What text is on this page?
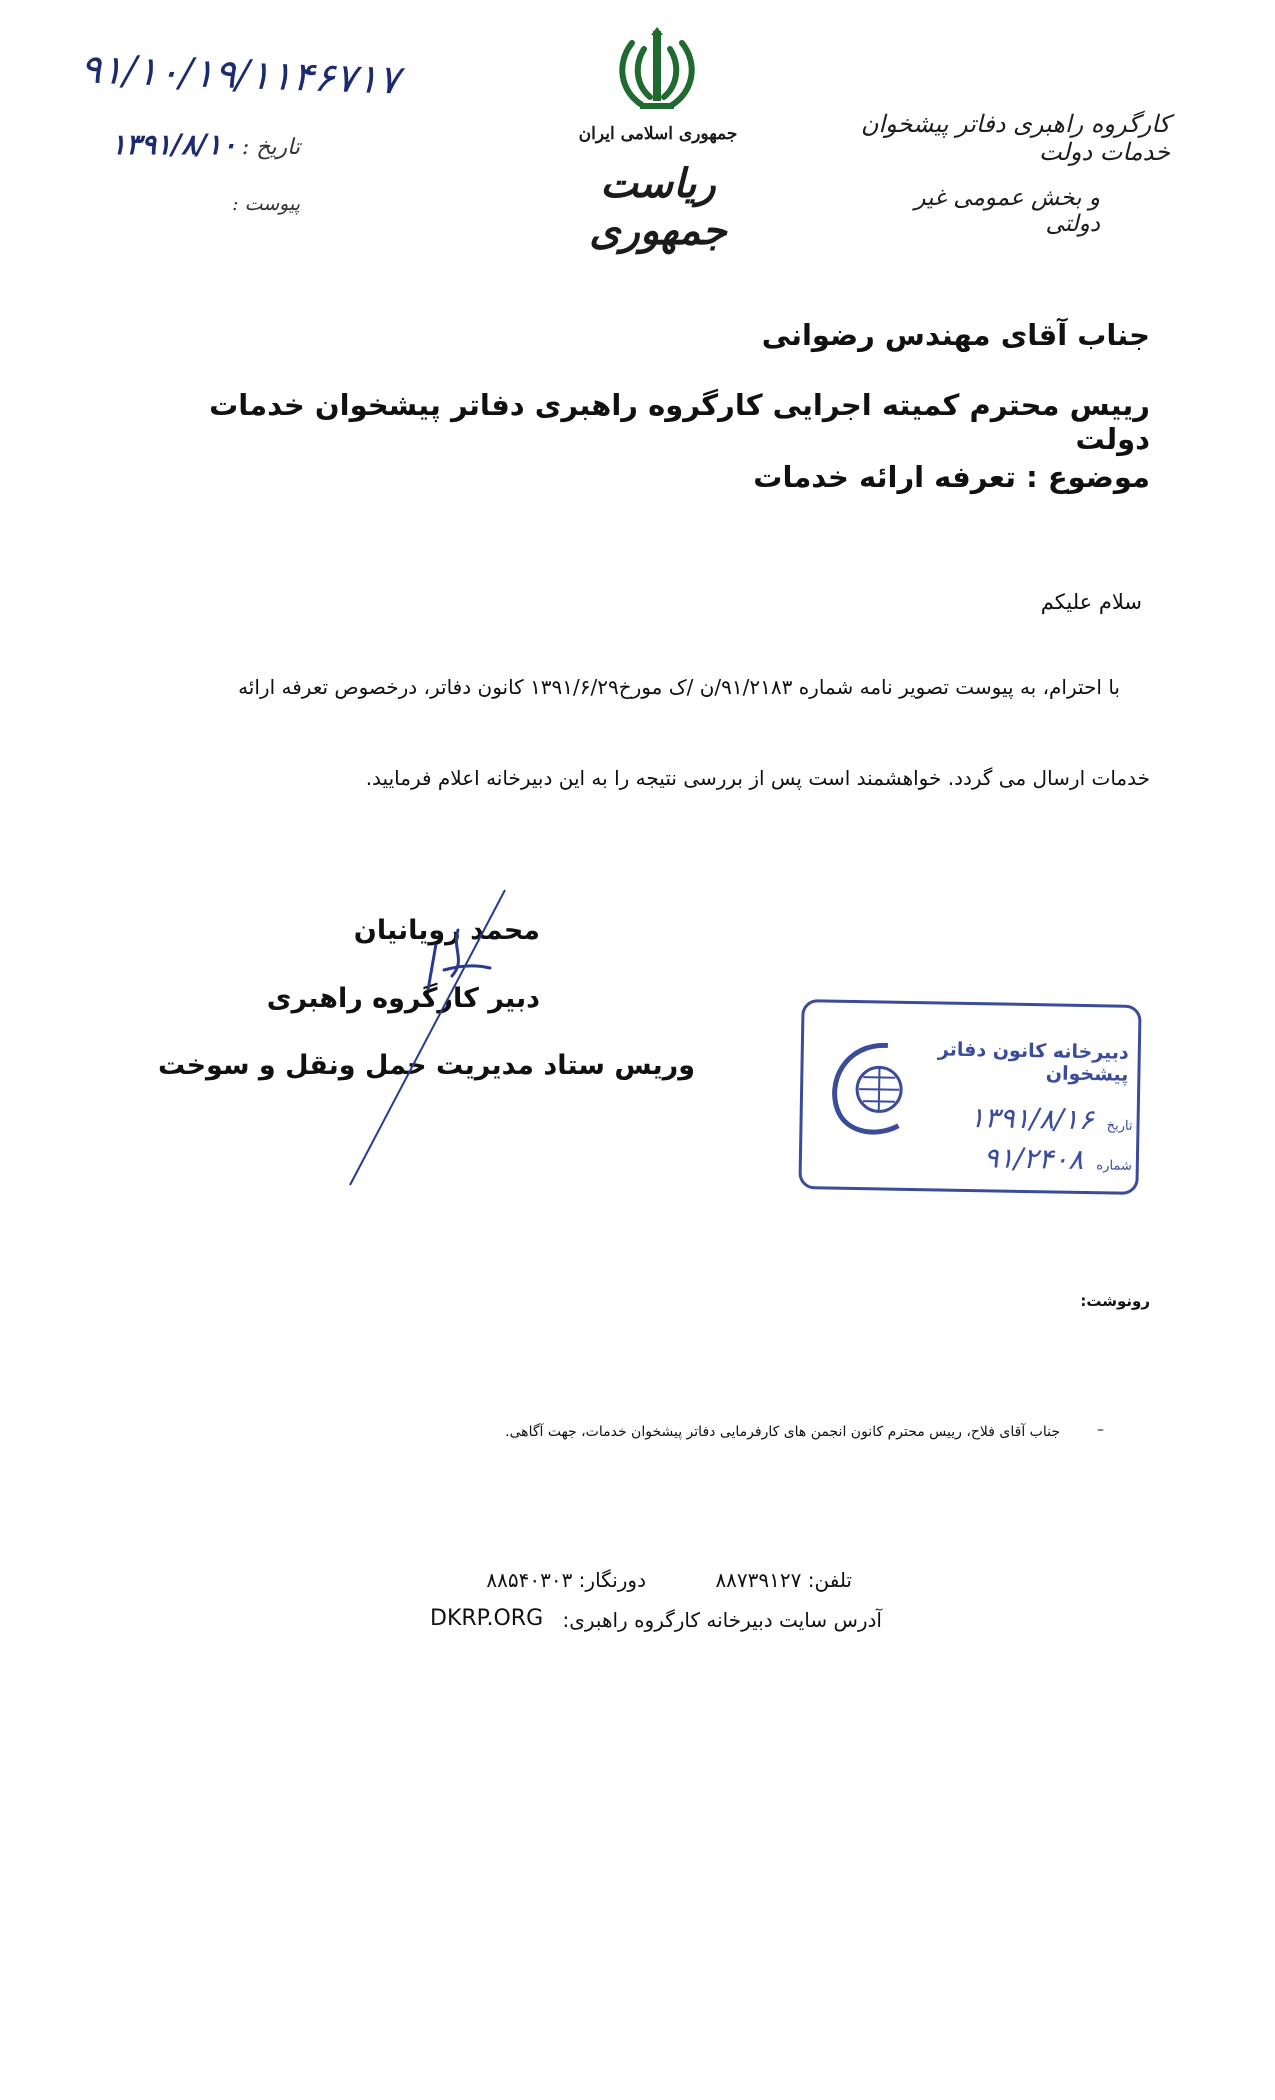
۹۱/۱۰/۱۹/۱۱۴۶۷۱۷
تاریخ : ۱۳۹۱/۸/۱۰
پیوست :
جمهوری اسلامی ایران
ریاست جمهوری
کارگروه راهبری دفاتر پیشخوان خدمات دولت
و بخش عمومی غیر دولتی
جناب آقای مهندس رضوانی
رییس محترم کمیته اجرایی کارگروه راهبری دفاتر پیشخوان خدمات دولت
موضوع : تعرفه ارائه خدمات
سلام علیکم
با احترام، به پیوست تصویر نامه شماره ۹۱/۲۱۸۳/ن /ک مورخ۱۳۹۱/۶/۲۹ کانون دفاتر، درخصوص تعرفه ارائه
خدمات ارسال می گردد. خواهشمند است پس از بررسی نتیجه را به این دبیرخانه اعلام فرمایید.
محمد رویانیان
دبیر کارگروه راهبری
وریس ستاد مدیریت حمل ونقل و سوخت	دبیرخانه کانون دفاتر پیشخوان
تاریخ ۱۳۹۱/۸/۱۶
شماره ۹۱/۲۴۰۸
رونوشت:
جناب آقای فلاح، رییس محترم کانون انجمن های کارفرمایی دفاتر پیشخوان خدمات، جهت آگاهی.	–
تلفن: ۸۸۷۳۹۱۲۷
دورنگار: ۸۸۵۴۰۳۰۳
آدرس سایت دبیرخانه کارگروه راهبری:
DKRP.ORG
